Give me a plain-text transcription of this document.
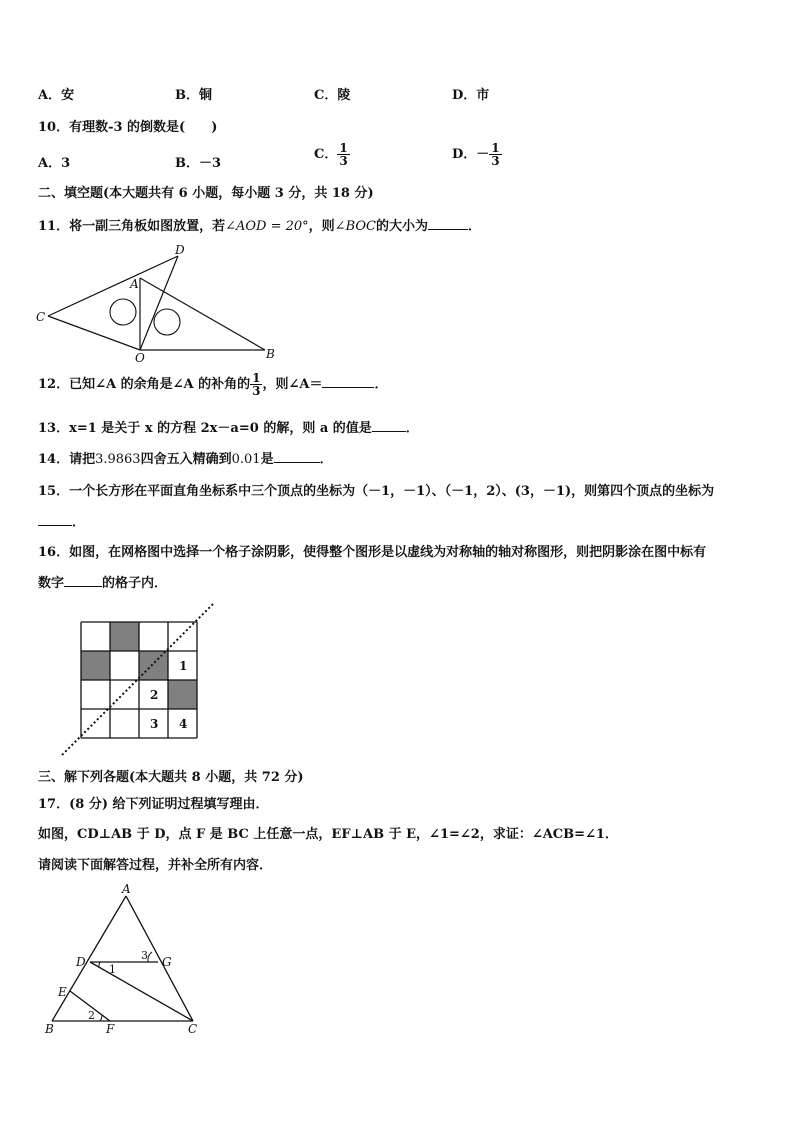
A．安	B．铜	C．陵	D．市
10．有理数-3 的倒数是(　　)
A．3	B．－3
C． $\frac{1}{3}$	D．－ $\frac{1}{3}$
二、填空题(本大题共有 6 小题，每小题 3 分，共 18 分)
11．将一副三角板如图放置，若∠AOD = 20°，则∠BOC的大小为	．
D
A
C
O	B
12．已知∠A 的余角是∠A 的补角的 $\frac{1}{3}$ ，则∠A＝	．
13．x=1 是关于 x 的方程 2x－a=0 的解，则 a 的值是	．
14．请把3.9863四舍五入精确到0.01是	．
15．一个长方形在平面直角坐标系中三个顶点的坐标为（－1，－1）、（－1，2）、(3，－1)，则第四个顶点的坐标为
．
16．如图，在网格图中选择一个格子涂阴影，使得整个图形是以虚线为对称轴的轴对称图形，则把阴影涂在图中标有
数字	的格子内．
1
2
3 4
三、解下列各题(本大题共 8 小题，共 72 分)
17．(8 分) 给下列证明过程填写理由．
如图，CD⊥AB 于 D，点 F 是 BC 上任意一点，EF⊥AB 于 E，∠1=∠2，求证：∠ACB=∠1．
请阅读下面解答过程，并补全所有内容．
A
D	G
E
B	F	C
1
2
3
